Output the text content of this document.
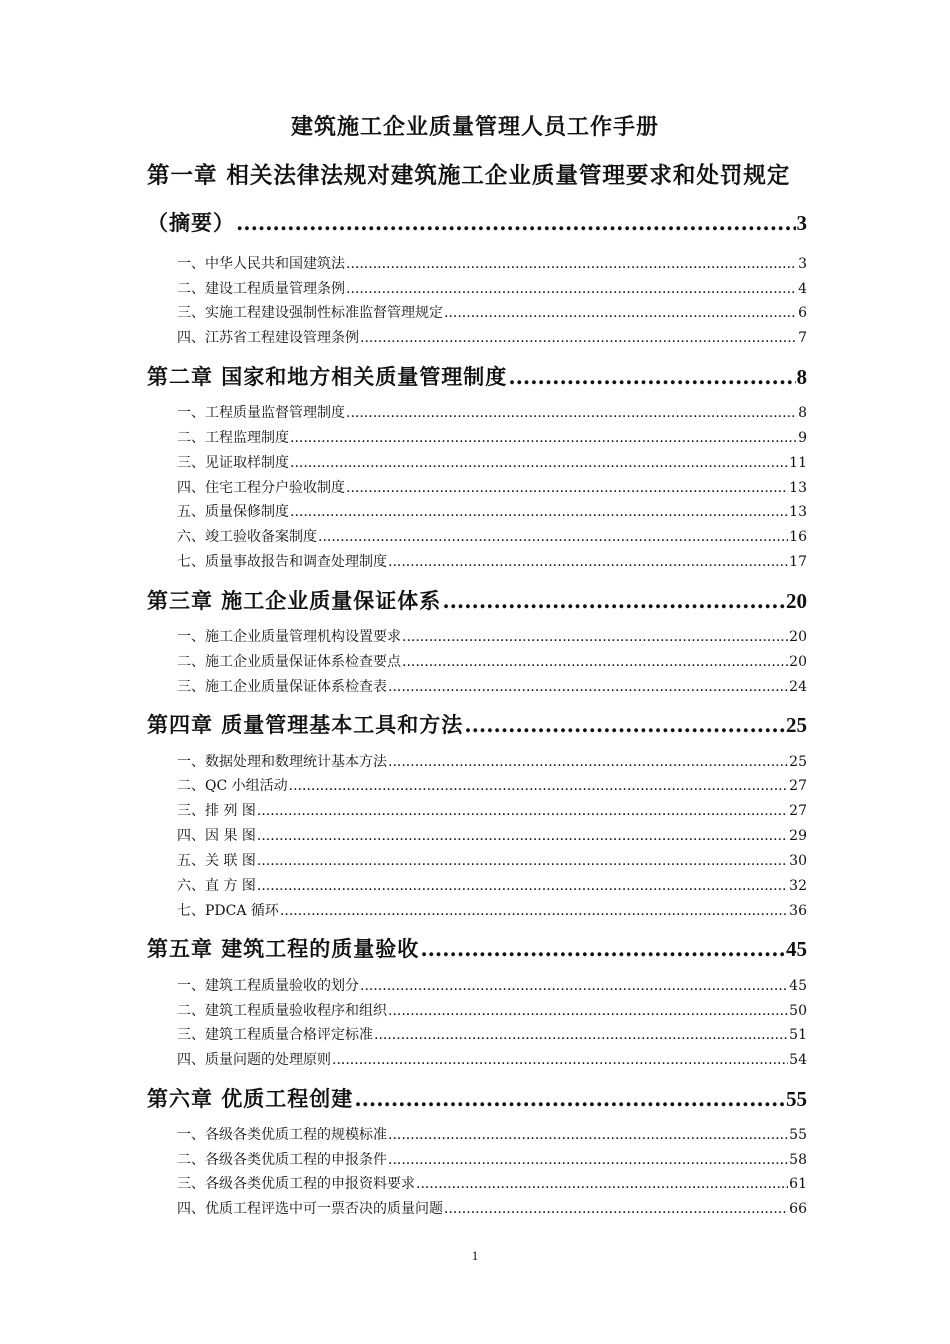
建筑施工企业质量管理人员工作手册
第一章 相关法律法规对建筑施工企业质量管理要求和处罚规定
（摘要） .....	3
一、中华人民共和国建筑法 .....	3
二、建设工程质量管理条例 .....	4
三、实施工程建设强制性标准监督管理规定 .....	6
四、江苏省工程建设管理条例 .....	7
第二章 国家和地方相关质量管理制度 .....	8
一、工程质量监督管理制度 .....	8
二、工程监理制度 .....	9
三、见证取样制度 .....	11
四、住宅工程分户验收制度 .....	13
五、质量保修制度 .....	13
六、竣工验收备案制度 .....	16
七、质量事故报告和调查处理制度 .....	17
第三章 施工企业质量保证体系 .....	20
一、施工企业质量管理机构设置要求 .....	20
二、施工企业质量保证体系检查要点 .....	20
三、施工企业质量保证体系检查表 .....	24
第四章 质量管理基本工具和方法 .....	25
一、数据处理和数理统计基本方法 .....	25
二、QC 小组活动 .....	27
三、排 列 图 .....	27
四、因 果 图 .....	29
五、关 联 图 .....	30
六、直 方 图 .....	32
七、PDCA 循环 .....	36
第五章 建筑工程的质量验收 .....	45
一、建筑工程质量验收的划分 .....	45
二、建筑工程质量验收程序和组织 .....	50
三、建筑工程质量合格评定标准 .....	51
四、质量问题的处理原则 .....	54
第六章 优质工程创建 .....	55
一、各级各类优质工程的规模标准 .....	55
二、各级各类优质工程的申报条件 .....	58
三、各级各类优质工程的申报资料要求 .....	61
四、优质工程评选中可一票否决的质量问题 .....	66
1
